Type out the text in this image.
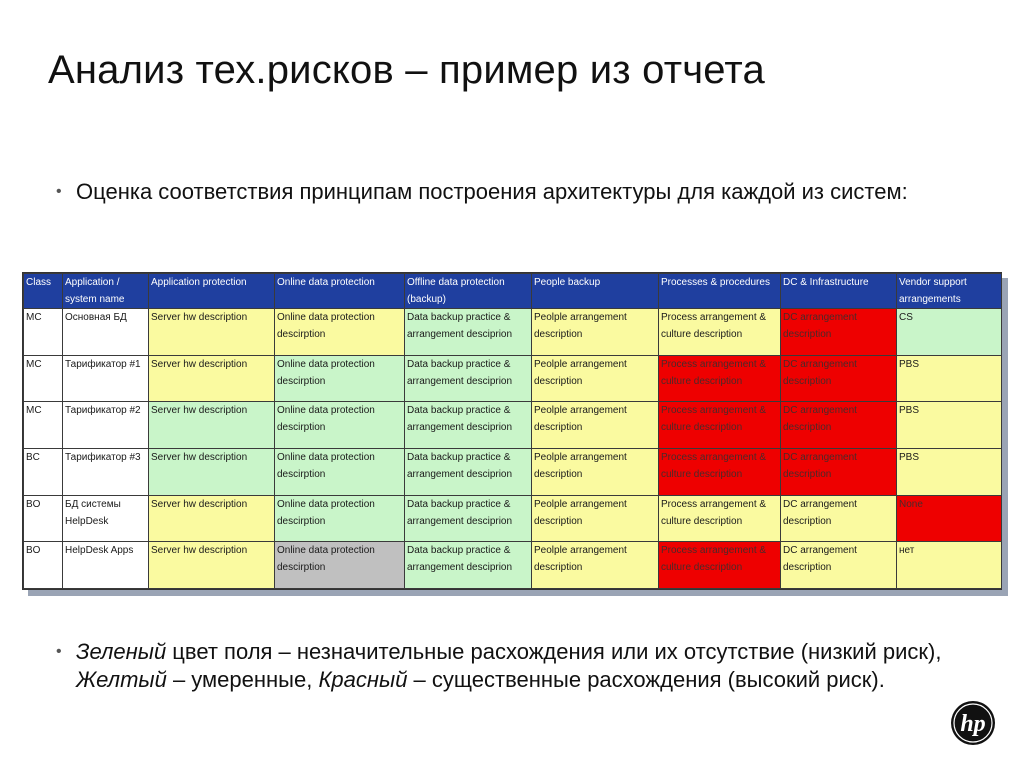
Анализ тех.рисков – пример из отчета
• Оценка соответствия принципам построения архитектуры для каждой из систем:
Class	Application / system name	Application protection	Online data protection	Offline data protection (backup)	People backup	Processes & procedures	DC & Infrastructure	Vendor support arrangements
MC	Основная БД	Server hw description	Online data protection descirption	Data backup practice & arrangement desciprion	Peolple arrangement description	Process arrangement & culture description	DC arrangement description	CS
MC	Тарификатор #1	Server hw description	Online data protection descirption	Data backup practice & arrangement desciprion	Peolple arrangement description	Process arrangement & culture description	DC arrangement description	PBS
MC	Тарификатор #2	Server hw description	Online data protection descirption	Data backup practice & arrangement desciprion	Peolple arrangement description	Process arrangement & culture description	DC arrangement description	PBS
BC	Тарификатор #3	Server hw description	Online data protection descirption	Data backup practice & arrangement desciprion	Peolple arrangement description	Process arrangement & culture description	DC arrangement description	PBS
BO	БД системы HelpDesk	Server hw description	Online data protection descirption	Data backup practice & arrangement desciprion	Peolple arrangement description	Process arrangement & culture description	DC arrangement description	None
BO	HelpDesk Apps	Server hw description	Online data protection descirption	Data backup practice & arrangement desciprion	Peolple arrangement description	Process arrangement & culture description	DC arrangement description	нет
• Зеленый цвет поля – незначительные расхождения или их отсутствие (низкий риск), Желтый – умеренные, Красный – существенные расхождения (высокий риск).
hp
